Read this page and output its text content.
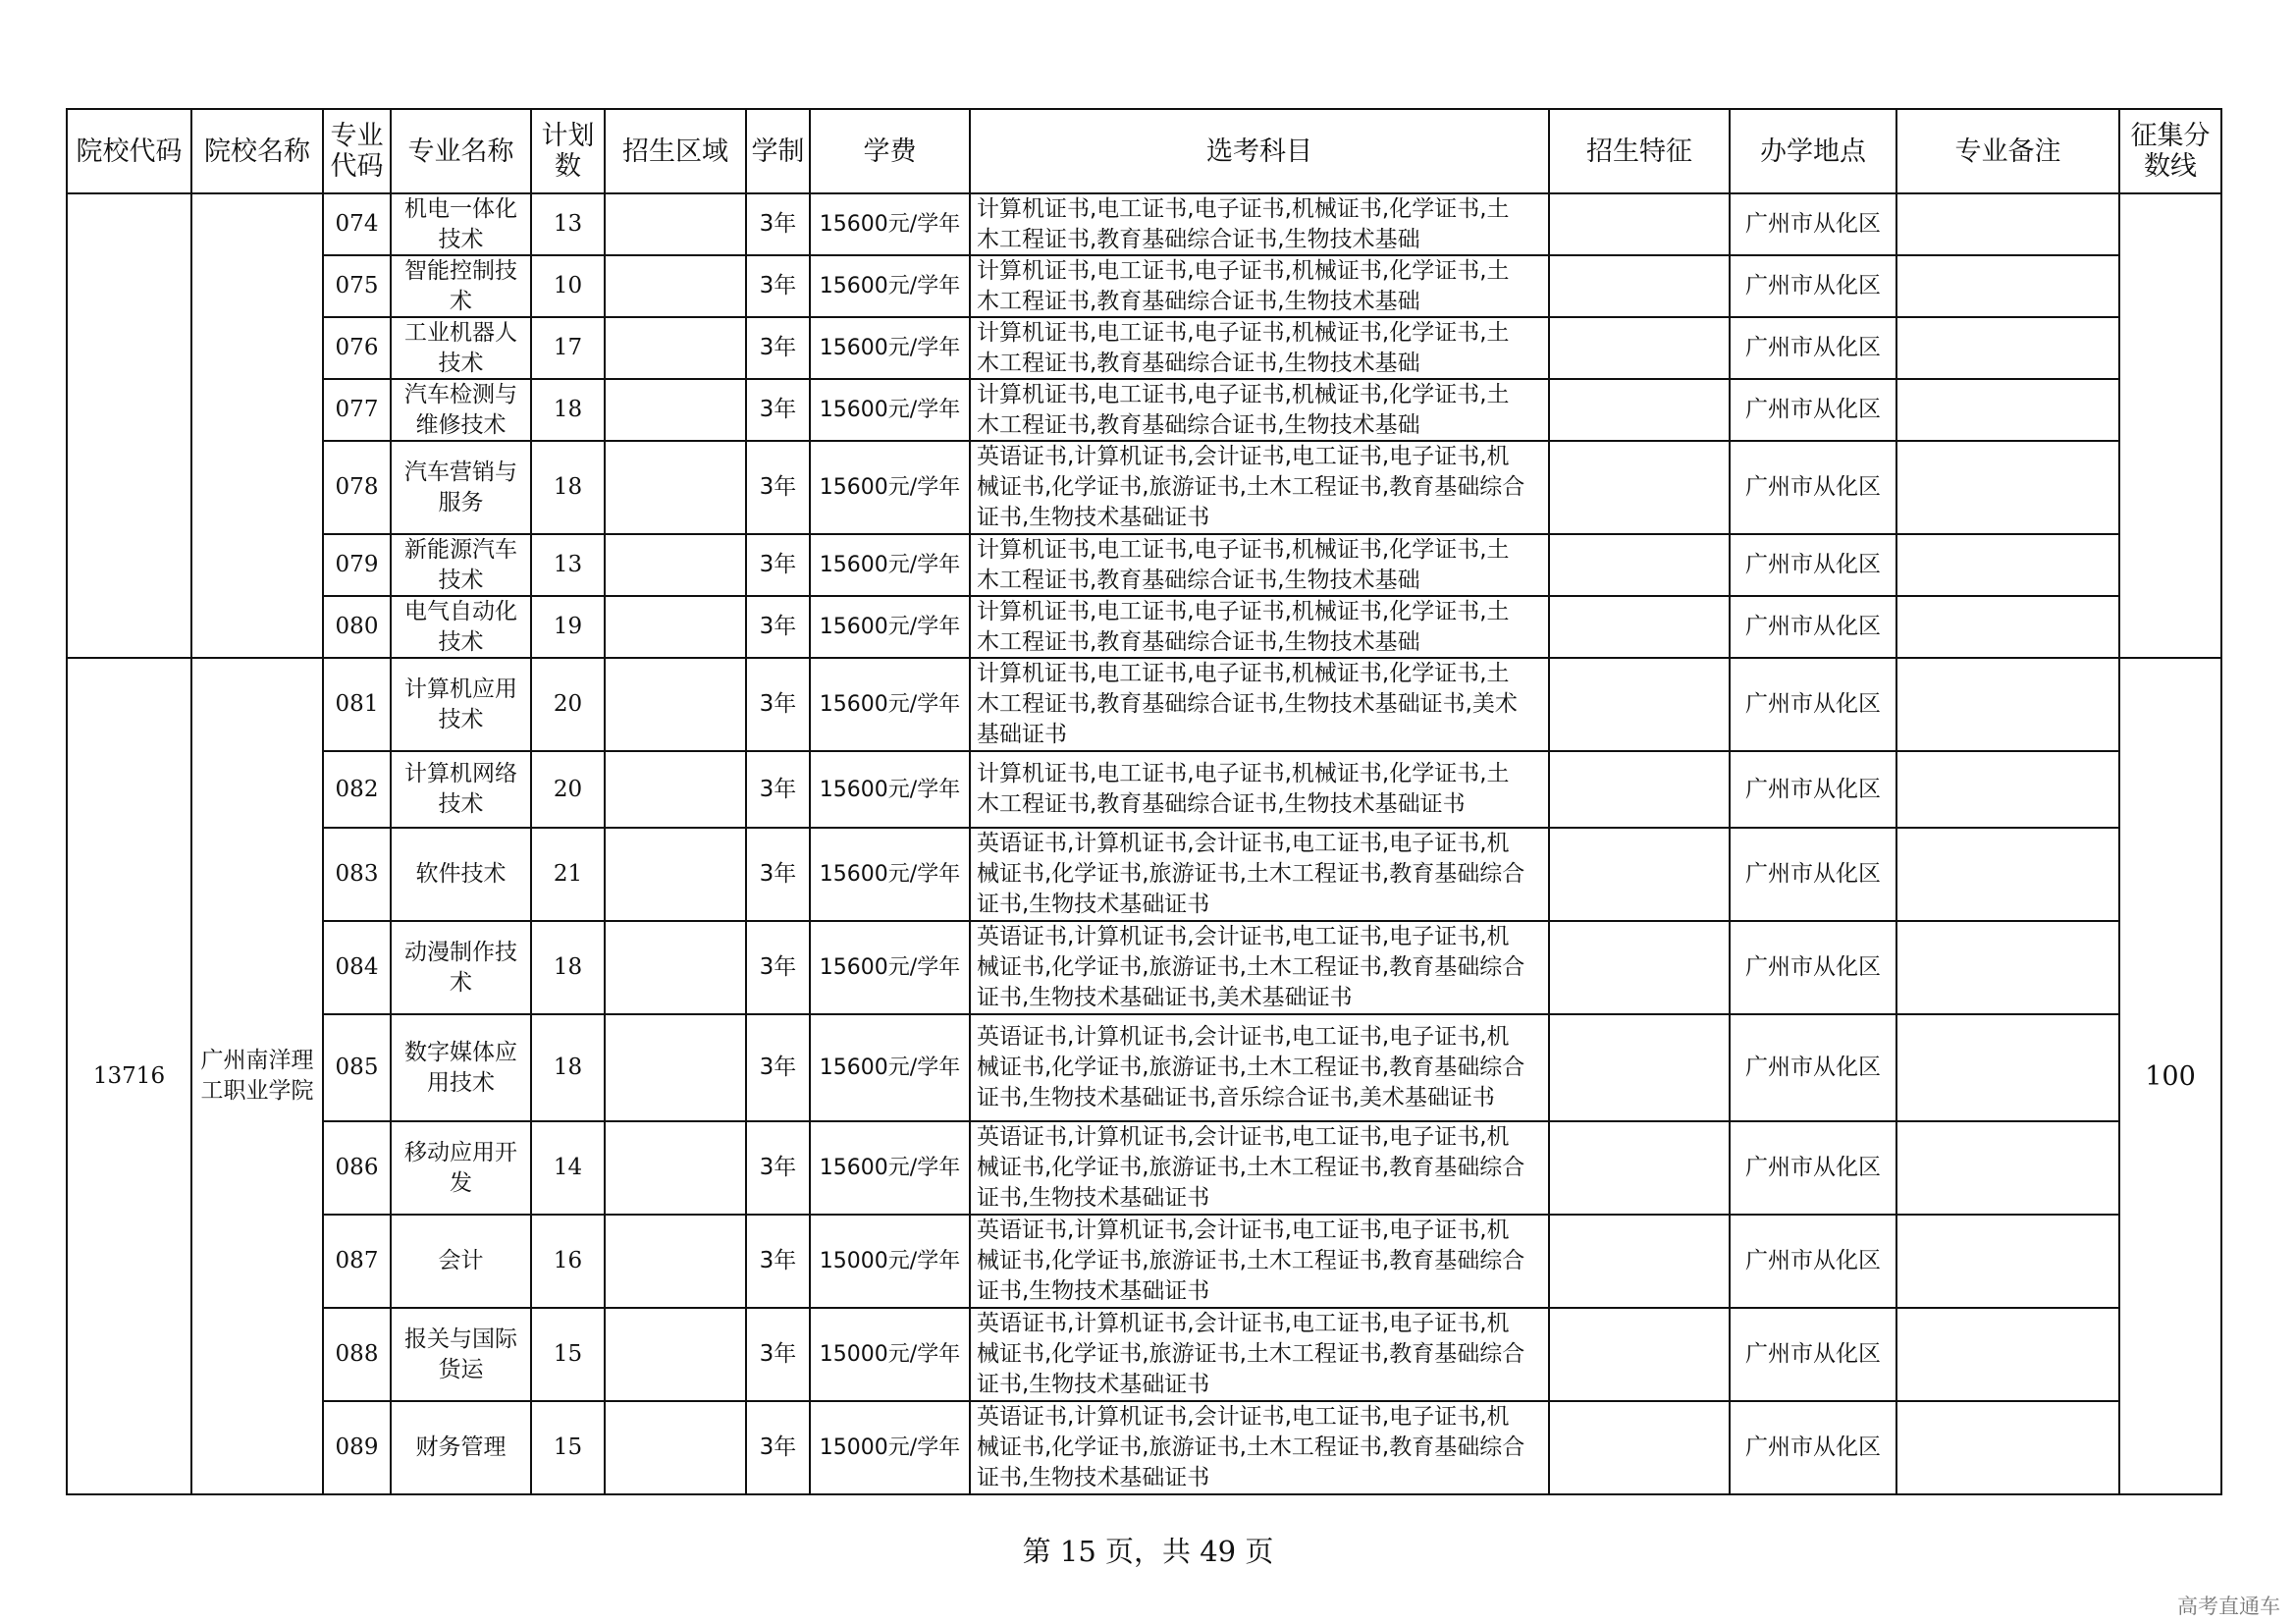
院校代码	院校名称	专业代码	专业名称	计划数	招生区域	学制	学费	选考科目	招生特征	办学地点	专业备注	征集分数线

		074	机电一体化技术	13		3年	15600元/学年	计算机证书,电工证书,电子证书,机械证书,化学证书,土木工程证书,教育基础综合证书,生物技术基础		广州市从化区		
		075	智能控制技术	10		3年	15600元/学年	计算机证书,电工证书,电子证书,机械证书,化学证书,土木工程证书,教育基础综合证书,生物技术基础		广州市从化区		
		076	工业机器人技术	17		3年	15600元/学年	计算机证书,电工证书,电子证书,机械证书,化学证书,土木工程证书,教育基础综合证书,生物技术基础		广州市从化区		
		077	汽车检测与维修技术	18		3年	15600元/学年	计算机证书,电工证书,电子证书,机械证书,化学证书,土木工程证书,教育基础综合证书,生物技术基础		广州市从化区		
		078	汽车营销与服务	18		3年	15600元/学年	英语证书,计算机证书,会计证书,电工证书,电子证书,机械证书,化学证书,旅游证书,土木工程证书,教育基础综合证书,生物技术基础证书		广州市从化区		
		079	新能源汽车技术	13		3年	15600元/学年	计算机证书,电工证书,电子证书,机械证书,化学证书,土木工程证书,教育基础综合证书,生物技术基础		广州市从化区		
		080	电气自动化技术	19		3年	15600元/学年	计算机证书,电工证书,电子证书,机械证书,化学证书,土木工程证书,教育基础综合证书,生物技术基础		广州市从化区		
13716	广州南洋理工职业学院	081	计算机应用技术	20		3年	15600元/学年	计算机证书,电工证书,电子证书,机械证书,化学证书,土木工程证书,教育基础综合证书,生物技术基础证书,美术基础证书		广州市从化区		100
		082	计算机网络技术	20		3年	15600元/学年	计算机证书,电工证书,电子证书,机械证书,化学证书,土木工程证书,教育基础综合证书,生物技术基础证书		广州市从化区		
		083	软件技术	21		3年	15600元/学年	英语证书,计算机证书,会计证书,电工证书,电子证书,机械证书,化学证书,旅游证书,土木工程证书,教育基础综合证书,生物技术基础证书		广州市从化区		
		084	动漫制作技术	18		3年	15600元/学年	英语证书,计算机证书,会计证书,电工证书,电子证书,机械证书,化学证书,旅游证书,土木工程证书,教育基础综合证书,生物技术基础证书,美术基础证书		广州市从化区		
		085	数字媒体应用技术	18		3年	15600元/学年	英语证书,计算机证书,会计证书,电工证书,电子证书,机械证书,化学证书,旅游证书,土木工程证书,教育基础综合证书,生物技术基础证书,音乐综合证书,美术基础证书		广州市从化区		
		086	移动应用开发	14		3年	15600元/学年	英语证书,计算机证书,会计证书,电工证书,电子证书,机械证书,化学证书,旅游证书,土木工程证书,教育基础综合证书,生物技术基础证书		广州市从化区		
		087	会计	16		3年	15000元/学年	英语证书,计算机证书,会计证书,电工证书,电子证书,机械证书,化学证书,旅游证书,土木工程证书,教育基础综合证书,生物技术基础证书		广州市从化区		
		088	报关与国际货运	15		3年	15000元/学年	英语证书,计算机证书,会计证书,电工证书,电子证书,机械证书,化学证书,旅游证书,土木工程证书,教育基础综合证书,生物技术基础证书		广州市从化区		
		089	财务管理	15		3年	15000元/学年	英语证书,计算机证书,会计证书,电工证书,电子证书,机械证书,化学证书,旅游证书,土木工程证书,教育基础综合证书,生物技术基础证书		广州市从化区		
第 15 页，共 49 页
高考直通车
